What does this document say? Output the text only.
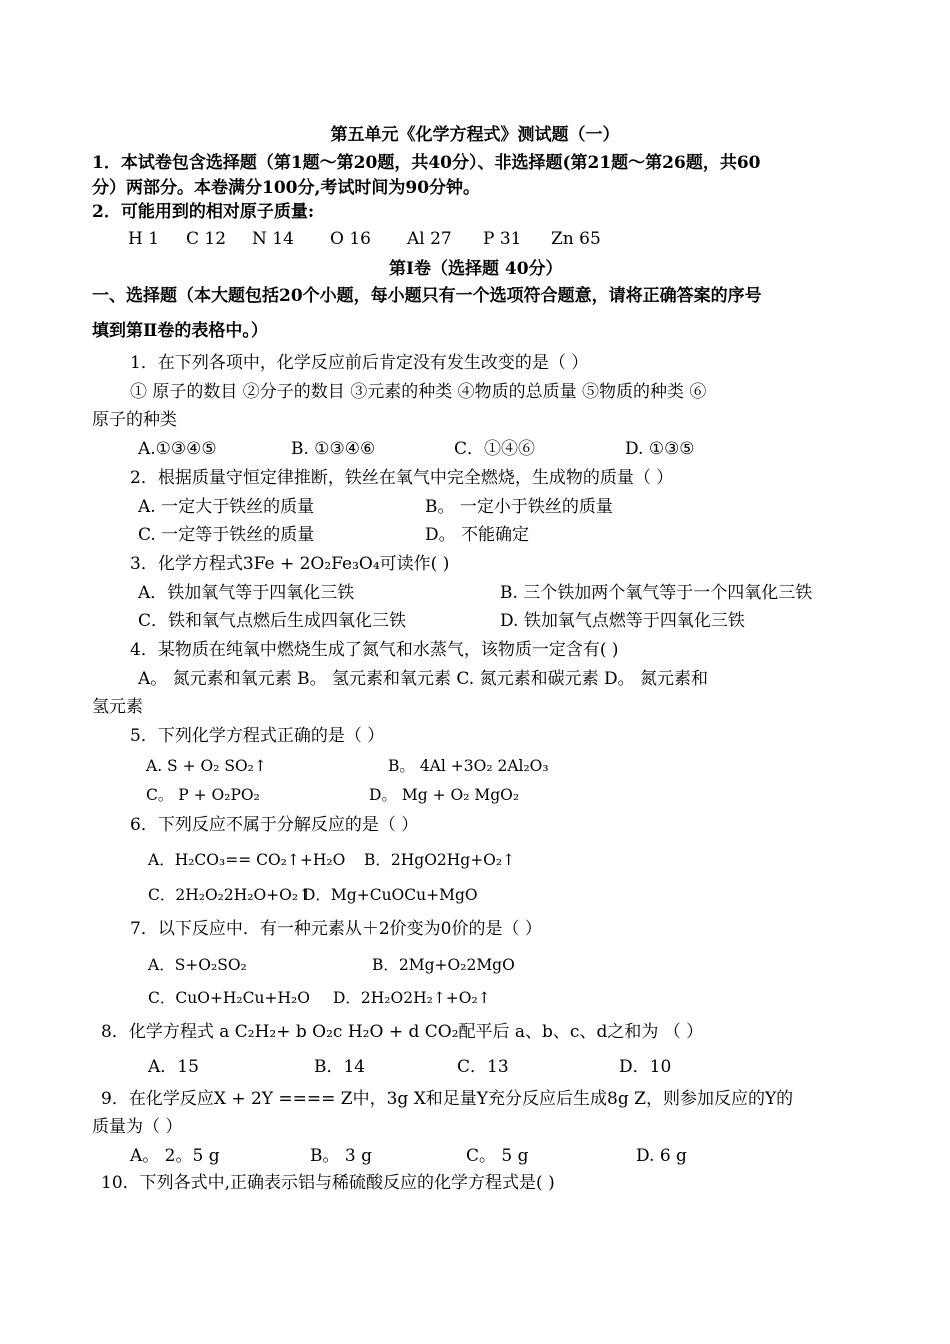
第五单元《化学方程式》测试题（一）
1．本试卷包含选择题（第1题～第20题，共40分）、非选择题(第21题～第26题，共60
分）两部分。本卷满分100分,考试时间为90分钟。
2．可能用到的相对原子质量:
H 1 C 12 N 14 O 16 Al 27 P 31 Zn 65
第Ⅰ卷（选择题 40分）
一、选择题（本大题包括20个小题，每小题只有一个选项符合题意，请将正确答案的序号
填到第Ⅱ卷的表格中。）
1．在下列各项中，化学反应前后肯定没有发生改变的是（ ）
① 原子的数目 ②分子的数目 ③元素的种类 ④物质的总质量 ⑤物质的种类 ⑥
原子的种类
A.①③④⑤	B. ①③④⑥	C．①④⑥	D. ①③⑤
2．根据质量守恒定律推断，铁丝在氧气中完全燃烧，生成物的质量（ ）
A. 一定大于铁丝的质量	B。 一定小于铁丝的质量
C. 一定等于铁丝的质量	D。 不能确定
3．化学方程式3Fe + 2O₂Fe₃O₄可读作( )
A．铁加氧气等于四氧化三铁	B. 三个铁加两个氧气等于一个四氧化三铁
C．铁和氧气点燃后生成四氧化三铁	D. 铁加氧气点燃等于四氧化三铁
4．某物质在纯氧中燃烧生成了氮气和水蒸气，该物质一定含有( )
A。 氮元素和氧元素 B。 氢元素和氧元素 C. 氮元素和碳元素 D。 氮元素和
氢元素
5．下列化学方程式正确的是（ ）
A. S + O₂ SO₂↑	B。 4Al +3O₂ 2Al₂O₃
C。 P + O₂PO₂	D。 Mg + O₂ MgO₂
6．下列反应不属于分解反应的是（ ）
A．H₂CO₃== CO₂↑+H₂O B．2HgO2Hg+O₂↑
C．2H₂O₂2H₂O+O₂↑
D．Mg+CuOCu+MgO
7．以下反应中．有一种元素从＋2价变为0价的是（ ）
A．S+O₂SO₂	B．2Mg+O₂2MgO
C．CuO+H₂Cu+H₂O D．2H₂O2H₂↑+O₂↑
8．化学方程式 a C₂H₂+ b O₂c H₂O + d CO₂配平后 a、b、c、d之和为 （ ）
A．15	B．14	C．13	D．10
9．在化学反应X + 2Y ==== Z中，3g X和足量Y充分反应后生成8g Z，则参加反应的Y的
质量为（ ）
A。 2。5 g	B。 3 g	C。 5 g	D. 6 g
10．下列各式中,正确表示铝与稀硫酸反应的化学方程式是( )
